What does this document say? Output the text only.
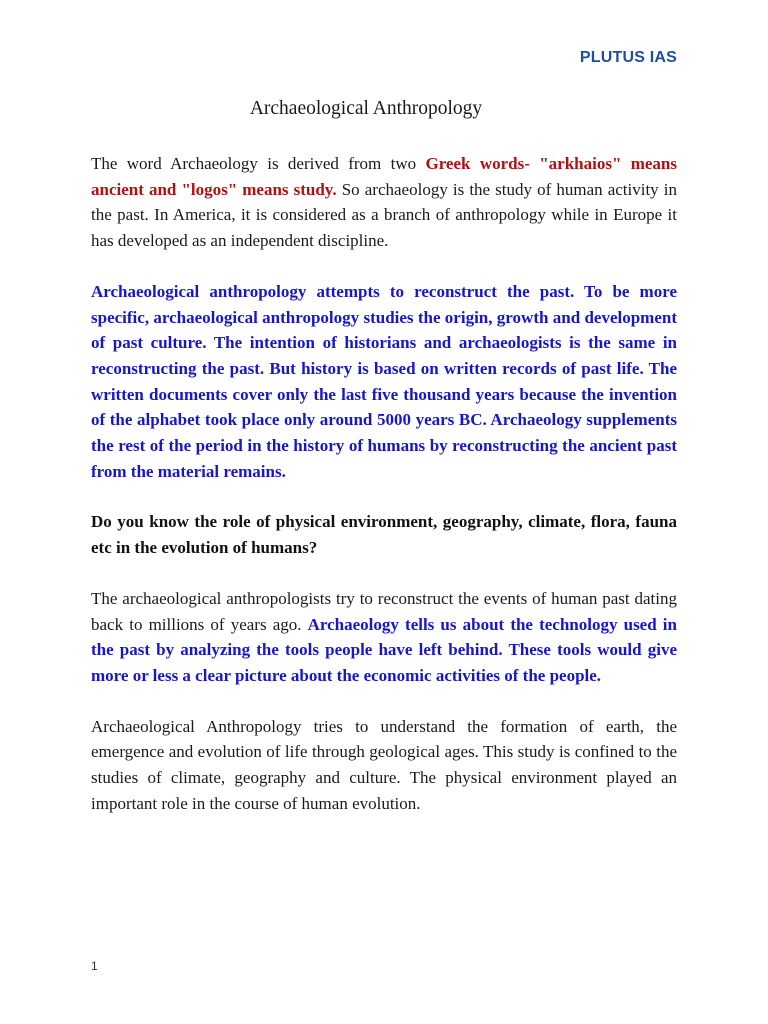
PLUTUS IAS
Archaeological Anthropology

The word Archaeology is derived from two Greek words- "arkhaios" means ancient and "logos" means study. So archaeology is the study of human activity in the past. In America, it is considered as a branch of anthropology while in Europe it has developed as an independent discipline.

Archaeological anthropology attempts to reconstruct the past. To be more specific, archaeological anthropology studies the origin, growth and development of past culture. The intention of historians and archaeologists is the same in reconstructing the past. But history is based on written records of past life. The written documents cover only the last five thousand years because the invention of the alphabet took place only around 5000 years BC. Archaeology supplements the rest of the period in the history of humans by reconstructing the ancient past from the material remains.

Do you know the role of physical environment, geography, climate, flora, fauna etc in the evolution of humans?

The archaeological anthropologists try to reconstruct the events of human past dating back to millions of years ago. Archaeology tells us about the technology used in the past by analyzing the tools people have left behind. These tools would give more or less a clear picture about the economic activities of the people.

Archaeological Anthropology tries to understand the formation of earth, the emergence and evolution of life through geological ages. This study is confined to the studies of climate, geography and culture. The physical environment played an important role in the course of human evolution.

1
